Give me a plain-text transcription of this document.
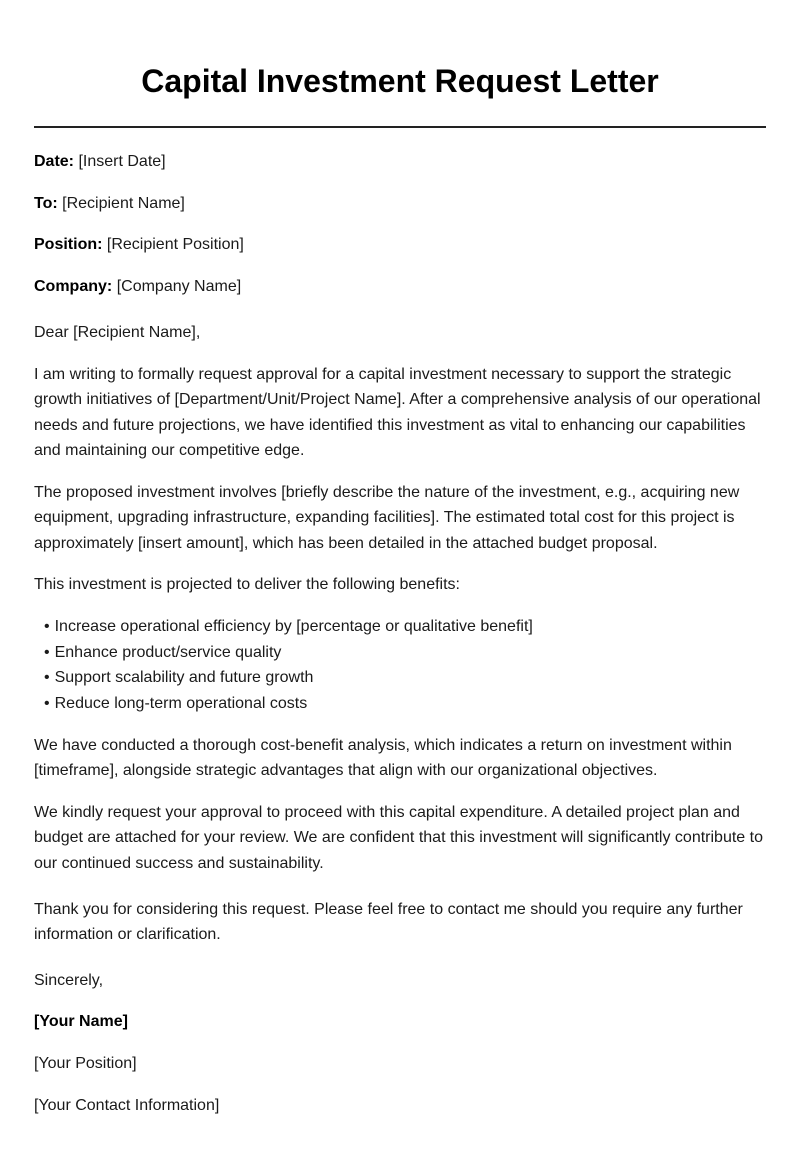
Capital Investment Request Letter

Date: [Insert Date]

To: [Recipient Name]

Position: [Recipient Position]

Company: [Company Name]

Dear [Recipient Name],

I am writing to formally request approval for a capital investment necessary to support the strategic growth initiatives of [Department/Unit/Project Name]. After a comprehensive analysis of our operational needs and future projections, we have identified this investment as vital to enhancing our capabilities and maintaining our competitive edge.

The proposed investment involves [briefly describe the nature of the investment, e.g., acquiring new equipment, upgrading infrastructure, expanding facilities]. The estimated total cost for this project is approximately [insert amount], which has been detailed in the attached budget proposal.

This investment is projected to deliver the following benefits:

• Increase operational efficiency by [percentage or qualitative benefit]
• Enhance product/service quality
• Support scalability and future growth
• Reduce long-term operational costs

We have conducted a thorough cost-benefit analysis, which indicates a return on investment within [timeframe], alongside strategic advantages that align with our organizational objectives.

We kindly request your approval to proceed with this capital expenditure. A detailed project plan and budget are attached for your review. We are confident that this investment will significantly contribute to our continued success and sustainability.

Thank you for considering this request. Please feel free to contact me should you require any further information or clarification.

Sincerely,

[Your Name]

[Your Position]

[Your Contact Information]
